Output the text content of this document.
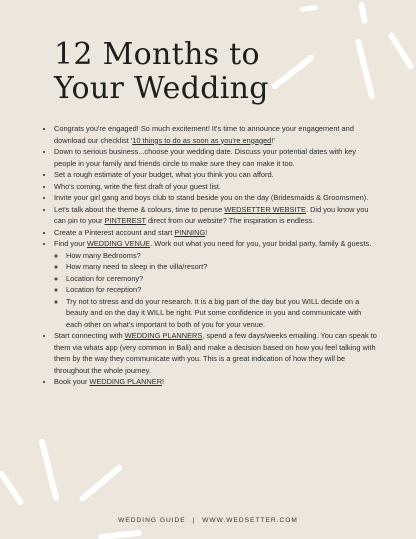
12 Months to
Your Wedding
• Congrats you're engaged! So much excitement! It's time to announce your engagement and download our checklist '10 things to do as soon as you're engaged!'
• Down to serious business...choose your wedding date. Discuss your potential dates with key people in your family and friends circle to make sure they can make it too.
• Set a rough estimate of your budget, what you think you can afford.
• Who's coming, write the first draft of your guest list.
• Invite your girl gang and boys club to stand beside you on the day (Bridesmaids & Groomsmen).
• Let's talk about the theme & colours, time to peruse WEDSETTER WEBSITE. Did you know you can pin to your PINTEREST direct from our website? The inspiration is endless.
• Create a Pinterest account and start PINNING!
• Find your WEDDING VENUE. Work out what you need for you, your bridal party, family & guests.
◦ How many Bedrooms?
◦ How many need to sleep in the villa/resort?
◦ Location for ceremony?
◦ Location for reception?
◦ Try not to stress and do your research. It is a big part of the day but you WILL decide on a beauty and on the day it WILL be right. Put some confidence in you and communicate with each other on what's important to both of you for your venue.
• Start connecting with WEDDING PLANNERS, spend a few days/weeks emailing. You can speak to them via whats app (very common in Bali) and make a decision based on how you feel talking with them by the way they communicate with you. This is a great indication of how they will be throughout the whole journey.
• Book your WEDDING PLANNER!
WEDDING GUIDE | WWW.WEDSETTER.COM
